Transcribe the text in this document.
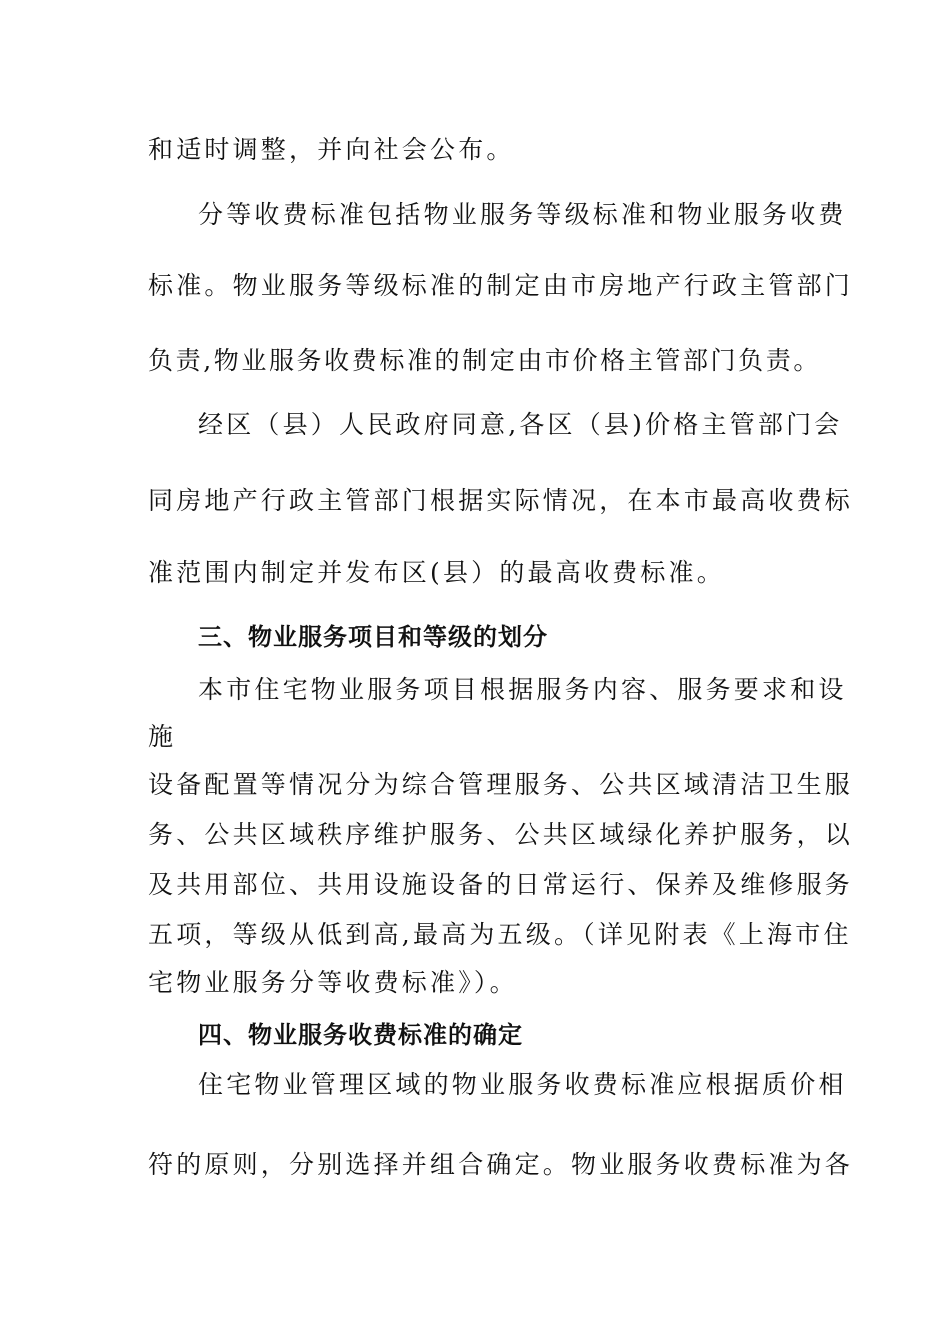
和适时调整，并向社会公布。
分等收费标准包括物业服务等级标准和物业服务收费
标准。物业服务等级标准的制定由市房地产行政主管部门
负责,物业服务收费标准的制定由市价格主管部门负责。
经区（县）人民政府同意,各区（县)价格主管部门会
同房地产行政主管部门根据实际情况，在本市最高收费标
准范围内制定并发布区(县）的最高收费标准。
三、物业服务项目和等级的划分
本市住宅物业服务项目根据服务内容、服务要求和设
施
设备配置等情况分为综合管理服务、公共区域清洁卫生服
务、公共区域秩序维护服务、公共区域绿化养护服务，以
及共用部位、共用设施设备的日常运行、保养及维修服务
五项，等级从低到高,最高为五级。（详见附表《上海市住
宅物业服务分等收费标准》）。
四、物业服务收费标准的确定
住宅物业管理区域的物业服务收费标准应根据质价相
符的原则，分别选择并组合确定。物业服务收费标准为各
